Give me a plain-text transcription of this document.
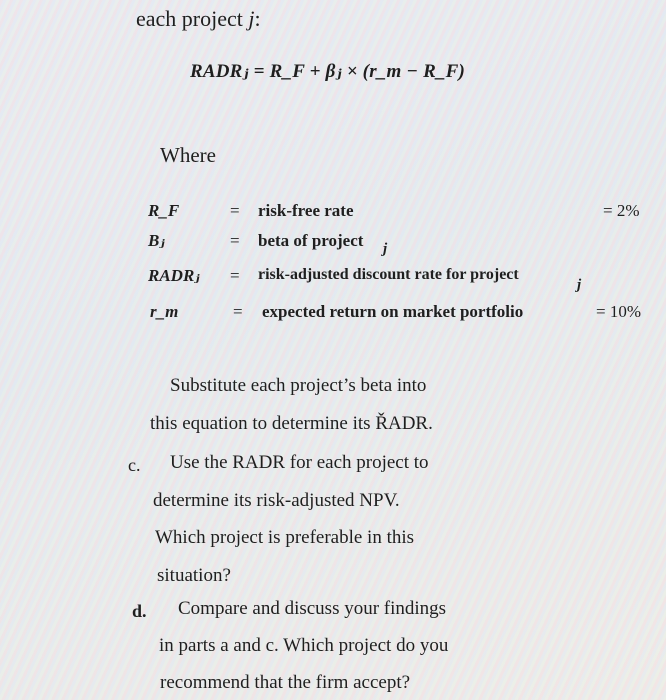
each project j:
RADRⱼ = R_F + βⱼ × (r_m − R_F)
Where
R_F	= risk-free rate	= 2%
Bⱼ	= beta of project j
RADRⱼ = risk-adjusted discount rate for project
j
r_m	= expected return on market portfolio	= 10%
Substitute each project’s beta into
this equation to determine its ŘADR.
c. Use the RADR for each project to
determine its risk-adjusted NPV.
Which project is preferable in this
situation?
d. Compare and discuss your findings
in parts a and c. Which project do you
recommend that the firm accept?
